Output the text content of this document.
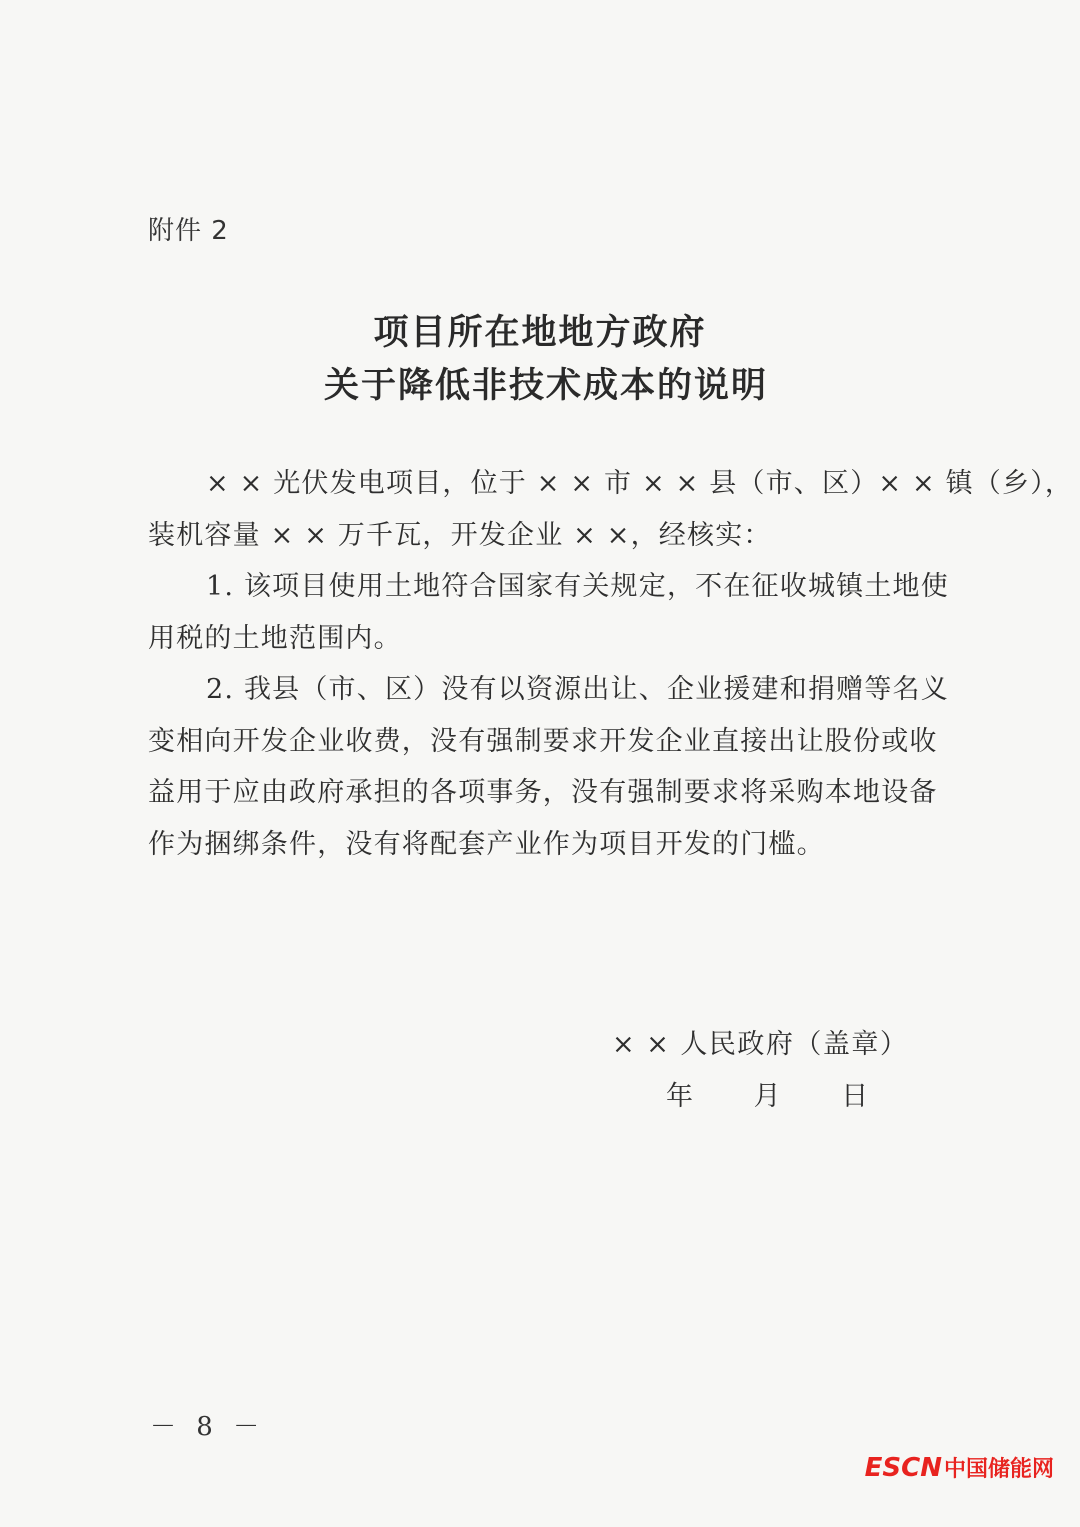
附件 2
项目所在地地方政府
关于降低非技术成本的说明
× × 光伏发电项目，位于 × × 市 × × 县（市、区）× × 镇（乡），
装机容量 × × 万千瓦，开发企业 × ×，经核实：
1. 该项目使用土地符合国家有关规定，不在征收城镇土地使
用税的土地范围内。
2. 我县（市、区）没有以资源出让、企业援建和捐赠等名义
变相向开发企业收费，没有强制要求开发企业直接出让股份或收
益用于应由政府承担的各项事务，没有强制要求将采购本地设备
作为捆绑条件，没有将配套产业作为项目开发的门槛。
× × 人民政府（盖章）
年 月 日
－ 8 －
ESCN中国储能网
